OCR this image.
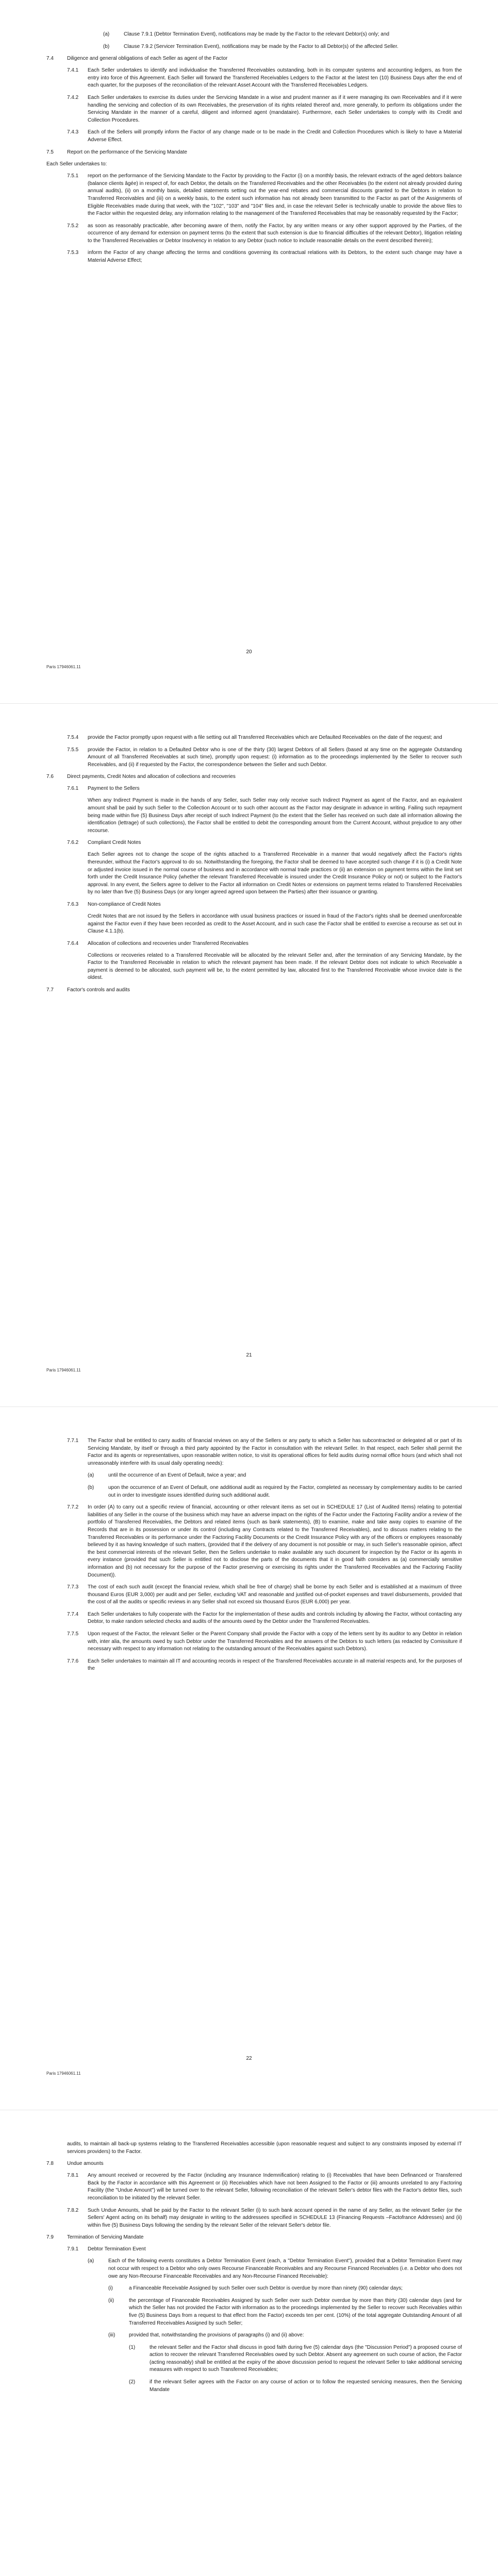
(a)	Clause 7.9.1 (Debtor Termination Event), notifications may be made by the Factor to the relevant Debtor(s) only; and
(b)	Clause 7.9.2 (Servicer Termination Event), notifications may be made by the Factor to all Debtor(s) of the affected Seller.
7.4	Diligence and general obligations of each Seller as agent of the Factor
7.4.1 Each Seller undertakes to identify and individualise the Transferred Receivables outstanding, both in its computer systems and accounting ledgers, as from the entry into force of this Agreement. Each Seller will forward the Transferred Receivables Ledgers to the Factor at the latest ten (10) Business Days after the end of each quarter, for the purposes of the reconciliation of the relevant Asset Account with the Transferred Receivables Ledgers.
7.4.2 Each Seller undertakes to exercise its duties under the Servicing Mandate in a wise and prudent manner as if it were managing its own Receivables and if it were handling the servicing and collection of its own Receivables, the preservation of its rights related thereof and, more generally, to perform its obligations under the Servicing Mandate in the manner of a careful, diligent and informed agent (mandataire). Furthermore, each Seller undertakes to comply with its Credit and Collection Procedures.
7.4.3 Each of the Sellers will promptly inform the Factor of any change made or to be made in the Credit and Collection Procedures which is likely to have a Material Adverse Effect.
7.5	Report on the performance of the Servicing Mandate
Each Seller undertakes to:
7.5.1 report on the performance of the Servicing Mandate to the Factor by providing to the Factor (i) on a monthly basis, the relevant extracts of the aged debtors balance (balance clients âgée) in respect of, for each Debtor, the details on the Transferred Receivables and the other Receivables (to the extent not already provided during annual audits), (ii) on a monthly basis, detailed statements setting out the year-end rebates and commercial discounts granted to the Debtors in relation to Transferred Receivables and (iii) on a weekly basis, to the extent such information has not already been transmitted to the Factor as part of the Assignments of Eligible Receivables made during that week, with the "102", "103" and "104" files and, in case the relevant Seller is technically unable to provide the above files to the Factor within the requested delay, any information relating to the management of the Transferred Receivables that may be reasonably requested by the Factor;
7.5.2 as soon as reasonably practicable, after becoming aware of them, notify the Factor, by any written means or any other support approved by the Parties, of the occurrence of any demand for extension on payment terms (to the extent that such extension is due to financial difficulties of the relevant Debtor), litigation relating to the Transferred Receivables or Debtor Insolvency in relation to any Debtor (such notice to include reasonable details on the event described therein);
7.5.3 inform the Factor of any change affecting the terms and conditions governing its contractual relations with its Debtors, to the extent such change may have a Material Adverse Effect;
20
Paris 17946061.11
7.5.4 provide the Factor promptly upon request with a file setting out all Transferred Receivables which are Defaulted Receivables on the date of the request; and
7.5.5 provide the Factor, in relation to a Defaulted Debtor who is one of the thirty (30) largest Debtors of all Sellers (based at any time on the aggregate Outstanding Amount of all Transferred Receivables at such time), promptly upon request: (i) information as to the proceedings implemented by the Seller to recover such Receivables, and (ii) if requested by the Factor, the correspondence between the Seller and such Debtor.
7.6	Direct payments, Credit Notes and allocation of collections and recoveries
7.6.1 Payment to the Sellers
When any Indirect Payment is made in the hands of any Seller, such Seller may only receive such Indirect Payment as agent of the Factor, and an equivalent amount shall be paid by such Seller to the Collection Account or to such other account as the Factor may designate in advance in writing. Failing such repayment being made within five (5) Business Days after receipt of such Indirect Payment (to the extent that the Seller has received on such date all information allowing the identification (lettrage) of such collections), the Factor shall be entitled to debit the corresponding amount from the Current Account, without prejudice to any other recourse.
7.6.2 Compliant Credit Notes
Each Seller agrees not to change the scope of the rights attached to a Transferred Receivable in a manner that would negatively affect the Factor's rights thereunder, without the Factor's approval to do so. Notwithstanding the foregoing, the Factor shall be deemed to have accepted such change if it is (i) a Credit Note or adjusted invoice issued in the normal course of business and in accordance with normal trade practices or (ii) an extension on payment terms within the limit set forth under the Credit Insurance Policy (whether the relevant Transferred Receivable is insured under the Credit Insurance Policy or not) or subject to the Factor's approval. In any event, the Sellers agree to deliver to the Factor all information on Credit Notes or extensions on payment terms related to Transferred Receivables by no later than five (5) Business Days (or any longer agreed agreed upon between the Parties) after their issuance or granting.
7.6.3 Non-compliance of Credit Notes
Credit Notes that are not issued by the Sellers in accordance with usual business practices or issued in fraud of the Factor's rights shall be deemed unenforceable against the Factor even if they have been recorded as credit to the Asset Account, and in such case the Factor shall be entitled to exercise a recourse as set out in Clause 4.1.1(b).
7.6.4 Allocation of collections and recoveries under Transferred Receivables
Collections or recoveries related to a Transferred Receivable will be allocated by the relevant Seller and, after the termination of any Servicing Mandate, by the Factor to the Transferred Receivable in relation to which the relevant payment has been made. If the relevant Debtor does not indicate to which Receivable a payment is deemed to be allocated, such payment will be, to the extent permitted by law, allocated first to the Transferred Receivable whose invoice date is the oldest.
7.7	Factor's controls and audits
21
Paris 17946061.11
7.7.1 The Factor shall be entitled to carry audits of financial reviews on any of the Sellers or any party to which a Seller has subcontracted or delegated all or part of its Servicing Mandate, by itself or through a third party appointed by the Factor in consultation with the relevant Seller. In that respect, each Seller shall permit the Factor and its agents or representatives, upon reasonable written notice, to visit its operational offices for field audits during normal office hours (and which shall not unreasonably interfere with its usual daily operating needs):
(a)	until the occurrence of an Event of Default, twice a year; and
(b)	upon the occurrence of an Event of Default, one additional audit as required by the Factor, completed as necessary by complementary audits to be carried out in order to investigate issues identified during such additional audit.
7.7.2 In order (A) to carry out a specific review of financial, accounting or other relevant items as set out in SCHEDULE 17 (List of Audited Items) relating to potential liabilities of any Seller in the course of the business which may have an adverse impact on the rights of the Factor under the Factoring Facility and/or a review of the portfolio of Transferred Receivables, the Debtors and related items (such as bank statements), (B) to examine, make and take away copies to examine of the Records that are in its possession or under its control (including any Contracts related to the Transferred Receivables), and to discuss matters relating to the Transferred Receivables or its performance under the Factoring Facility Documents or the Credit Insurance Policy with any of the officers or employees reasonably believed by it as having knowledge of such matters, (provided that if the delivery of any document is not possible or may, in such Seller's reasonable opinion, affect the best commercial interests of the relevant Seller, then the Sellers undertake to make available any such document for inspection by the Factor or its agents in every instance (provided that such Seller is entitled not to disclose the parts of the documents that it in good faith considers as (a) commercially sensitive information and (b) not necessary for the purpose of the Factor preserving or exercising its rights under the Transferred Receivables and the Factoring Facility Document)).
7.7.3 The cost of each such audit (except the financial review, which shall be free of charge) shall be borne by each Seller and is established at a maximum of three thousand Euros (EUR 3,000) per audit and per Seller, excluding VAT and reasonable and justified out-of-pocket expenses and travel disbursements, provided that the cost of all the audits or specific reviews in any Seller shall not exceed six thousand Euros (EUR 6,000) per year.
7.7.4 Each Seller undertakes to fully cooperate with the Factor for the implementation of these audits and controls including by allowing the Factor, without contacting any Debtor, to make random selected checks and audits of the amounts owed by the Debtor under the Transferred Receivables.
7.7.5 Upon request of the Factor, the relevant Seller or the Parent Company shall provide the Factor with a copy of the letters sent by its auditor to any Debtor in relation with, inter alia, the amounts owed by such Debtor under the Transferred Receivables and the answers of the Debtors to such letters (as redacted by Comissiture if necessary with respect to any information not relating to the outstanding amount of the Receivables against such Debtors).
7.7.6 Each Seller undertakes to maintain all IT and accounting records in respect of the Transferred Receivables accurate in all material respects and, for the purposes of the
22
Paris 17946061.11
audits, to maintain all back-up systems relating to the Transferred Receivables accessible (upon reasonable request and subject to any constraints imposed by external IT services providers) to the Factor.
7.8	Undue amounts
7.8.1 Any amount received or recovered by the Factor (including any Insurance Indemnification) relating to (i) Receivables that have been Definanced or Transferred Back by the Factor in accordance with this Agreement or (ii) Receivables which have not been Assigned to the Factor or (iii) amounts unrelated to any Factoring Facility (the "Undue Amount") will be turned over to the relevant Seller, following reconciliation of the relevant Seller's debtor files with the Factor's debtor files, such reconciliation to be initiated by the relevant Seller.
7.8.2 Such Undue Amounts, shall be paid by the Factor to the relevant Seller (i) to such bank account opened in the name of any Seller, as the relevant Seller (or the Sellers' Agent acting on its behalf) may designate in writing to the addressees specified in SCHEDULE 13 (Financing Requests –Factofrance Addresses) and (ii) within five (5) Business Days following the sending by the relevant Seller of the relevant Seller's debtor file.
7.9	Termination of Servicing Mandate
7.9.1 Debtor Termination Event
(a)	Each of the following events constitutes a Debtor Termination Event (each, a "Debtor Termination Event"), provided that a Debtor Termination Event may not occur with respect to a Debtor who only owes Recourse Financeable Receivables and any Recourse Financed Receivables (i.e. a Debtor who does not owe any Non-Recourse Financeable Receivables and any Non-Recourse Financed Receivable):
(i)	a Financeable Receivable Assigned by such Seller over such Debtor is overdue by more than ninety (90) calendar days;
(ii)	the percentage of Financeable Receivables Assigned by such Seller over such Debtor overdue by more than thirty (30) calendar days (and for which the Seller has not provided the Factor with information as to the proceedings implemented by the Seller to recover such Receivables within five (5) Business Days from a request to that effect from the Factor) exceeds ten per cent. (10%) of the total aggregate Outstanding Amount of all Transferred Receivables Assigned by such Seller;
(iii)	provided that, notwithstanding the provisions of paragraphs (i) and (ii) above:
(1)	the relevant Seller and the Factor shall discuss in good faith during five (5) calendar days (the "Discussion Period") a proposed course of action to recover the relevant Transferred Receivables owed by such Debtor. Absent any agreement on such course of action, the Factor (acting reasonably) shall be entitled at the expiry of the above discussion period to request the relevant Seller to take additional servicing measures with respect to such Transferred Receivables;
(2)	if the relevant Seller agrees with the Factor on any course of action or to follow the requested servicing measures, then the Servicing Mandate
